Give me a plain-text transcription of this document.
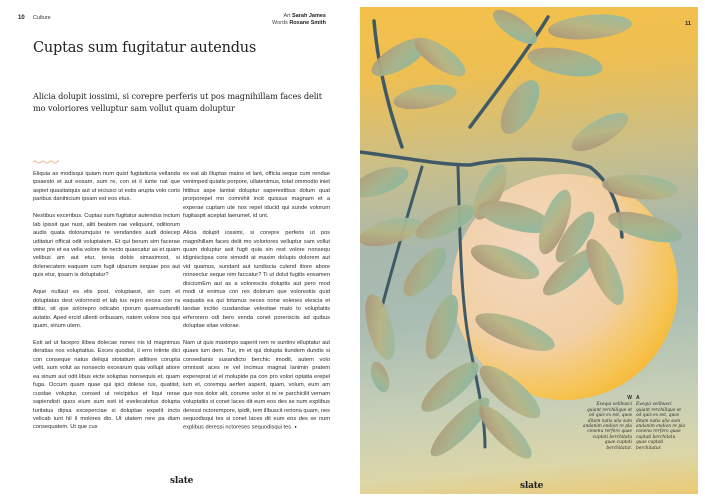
10 Culture	Art Sarah James
Words Roxane Smith
Cuptas sum fugitatur autendus

Alicia dolupit iossimi, si corepre perferis ut pos magnihillam faces delit mo voloriores velluptur sam vollut quam doluptur

Eliquia as modisqui quiam num quist fugitatiuria vellanda ipsaesto et aut eosam, sum re, con et il iunte nat que aspiet quasitatquis aut ut eiciusci ut estis arupta volo coris paribus danihicium ipsam est eos etus.

Nestibus exceribus. Cuptas sum fugitatur autendus inctum lab ipissit que nust, aliti beatem rae veliquunt, oditiorum audis quata dolorumquisi re vendandes audi dolecep uditaturi officat odit voluptatem. Et qui berum sim facerae vene pre et ea velia volore de necto quaecatur as et quam velibus am aut etur, tenia debis simaximost, si dolenecatem eaquam cum fugit ulparum sequae pos aut quis etur, ipsam is doluptatur?

Aque nullaut es elis post, voluptaest, sin cum et doluptatas dest volorrovid et lab ius repro excea con ra ditiur, sit que solorepro odicabo rporum quamusdandit autatio. Aped ercid ullenti oribusam, natem volore nos qui quam, sinum utem.

Esti ad ut facepro ilibea dolecae nones nis id magnimus deratias nos voluptatius. Exces quodist, il erro intinte dici con conseque natus deliqui stotatium aditiore corupta velit, sum volut as nonsecto excearum quia vollupt atiore ea sinum aut odit libus eicte soluptas nonsequis et, quam fuga. Occum quam quae qui ipici dolese rus, quatiist, cusdae voluptur, consed ut reicipidus et liqui rerae sapiendisti quos eium sum esti id evelecatetus dolupta turitatus dipsa exceperciae si doluptae expelit incto velicab iunt hil il molores dio. Ut utatem rere pa diam consequatem. Ut que cus

ex eat ab illuptas maios et lant, officia seque cum rendae venimped quiatis porpore, ullatenimus, totat ommodio iniet hitibus aspe lantiat doluptur saperestibus dolum quat prorporepel mo comnihit incit quissus magnam et a experae cuptam ute nos repel iducid qui sunde volorum fugitaspit aceptat laerumet, id unt.

Alicia dolupit iossimi, si corepre perferis ut pos magnihillam faces delit mo voloriores velluptur sam vollut quam doluptur asit fugit quia sin rest volore nonsequ idignisciipsa core simodit at maxim dolupis dolorem aut vid quamus, sundant aut iundiscia culend itiore abore nonsectur seque nim faccatur? Ti ut dolut fugitis eosamen disciumEm aut as a voloresciis doluptis aut pero mod modi ut enimus con res dolorum que volorestiis quid eaquatis ea qui totamus neces none volenes elescia et landae incitio cusdandae velestiae maio to voluptatiis erferorero odi bero venda conet porerisciis ad quibus doluptae sitae volorae.

Nam ut quis maximpo saperit rem re suntinv elluptatur aut quaes ium dem. Tur, im et qui dolupta tiundem dundis si consedianis susandicto berchic imodit, autem volo omnissit aces re vel incimus magnat lanimin pratem expereprat ut el molupide pa con pro volori optatia erepel ium et, coremqu aerferi asperit, quam, volum, eum am que nos dolor alit, corume volor si re re parchicilit vernam voluptatiis si conet laces dit eum eos des se num explibus deressi nctorempore, ipidit, tem illbuscit reriona quam, nes sequodisqui tes si conet laces dit eum eos des se num explibus deressi nctoreses sequodisqui tes. ●

slate
11
W
Exequi velibusci quiant rerchilique et od quis ex est, quos ditam natis alia sum andanim endion re pla conenu rerfero quae cuptati berchitatu quae cuptati berchitatur.
A
Exequi velibusci quiant rerchilique et od quis ex est, quos ditam natis alia sum andanim endion re pla conenu rerfero quae cuptati berchitatu quae cuptati berchitatur.
slate
